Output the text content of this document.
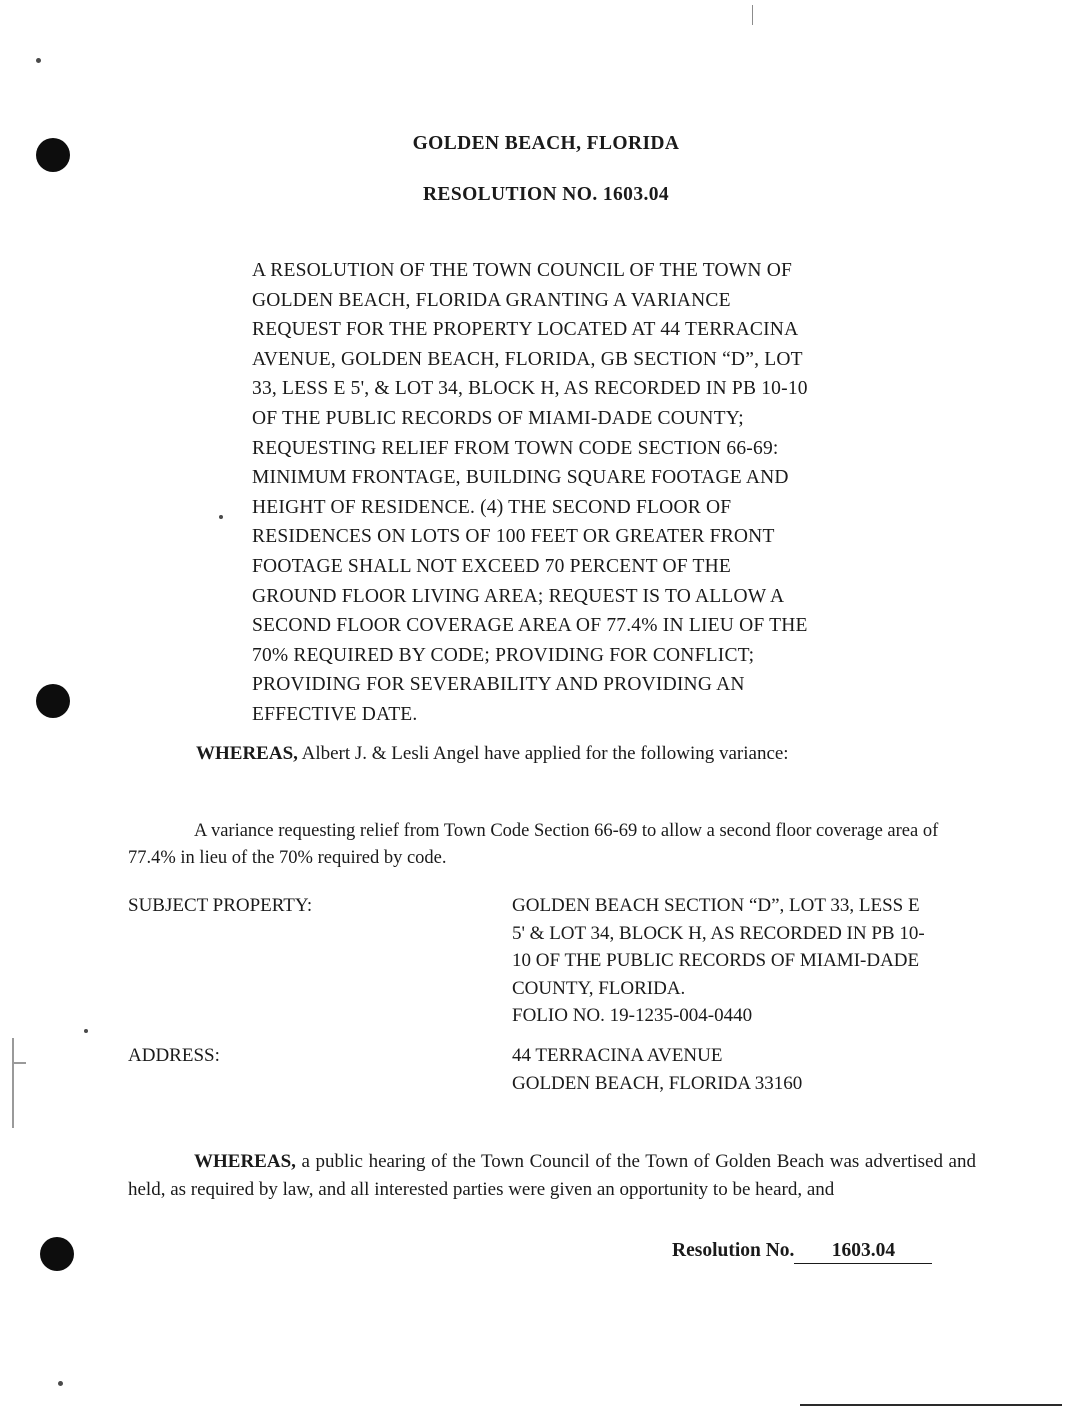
GOLDEN BEACH, FLORIDA
RESOLUTION NO. 1603.04
A RESOLUTION OF THE TOWN COUNCIL OF THE TOWN OF
GOLDEN BEACH, FLORIDA GRANTING A VARIANCE
REQUEST FOR THE PROPERTY LOCATED AT 44 TERRACINA
AVENUE, GOLDEN BEACH, FLORIDA, GB SECTION “D”, LOT
33, LESS E 5', & LOT 34, BLOCK H, AS RECORDED IN PB 10-10
OF THE PUBLIC RECORDS OF MIAMI-DADE COUNTY;
REQUESTING RELIEF FROM TOWN CODE SECTION 66-69:
MINIMUM FRONTAGE, BUILDING SQUARE FOOTAGE AND
HEIGHT OF RESIDENCE. (4) THE SECOND FLOOR OF
RESIDENCES ON LOTS OF 100 FEET OR GREATER FRONT
FOOTAGE SHALL NOT EXCEED 70 PERCENT OF THE
GROUND FLOOR LIVING AREA; REQUEST IS TO ALLOW A
SECOND FLOOR COVERAGE AREA OF 77.4% IN LIEU OF THE
70% REQUIRED BY CODE; PROVIDING FOR CONFLICT;
PROVIDING FOR SEVERABILITY AND PROVIDING AN
EFFECTIVE DATE.
WHEREAS, Albert J. & Lesli Angel have applied for the following variance:
A variance requesting relief from Town Code Section 66-69 to allow a second floor coverage area of 77.4% in lieu of the 70% required by code.
SUBJECT PROPERTY:	GOLDEN BEACH SECTION “D”, LOT 33, LESS E
5' & LOT 34, BLOCK H, AS RECORDED IN PB 10-
10 OF THE PUBLIC RECORDS OF MIAMI-DADE
COUNTY, FLORIDA.
FOLIO NO. 19-1235-004-0440
ADDRESS:	44 TERRACINA AVENUE
GOLDEN BEACH, FLORIDA 33160
WHEREAS, a public hearing of the Town Council of the Town of Golden Beach was advertised and held, as required by law, and all interested parties were given an opportunity to be heard, and
Resolution No. 1603.04
